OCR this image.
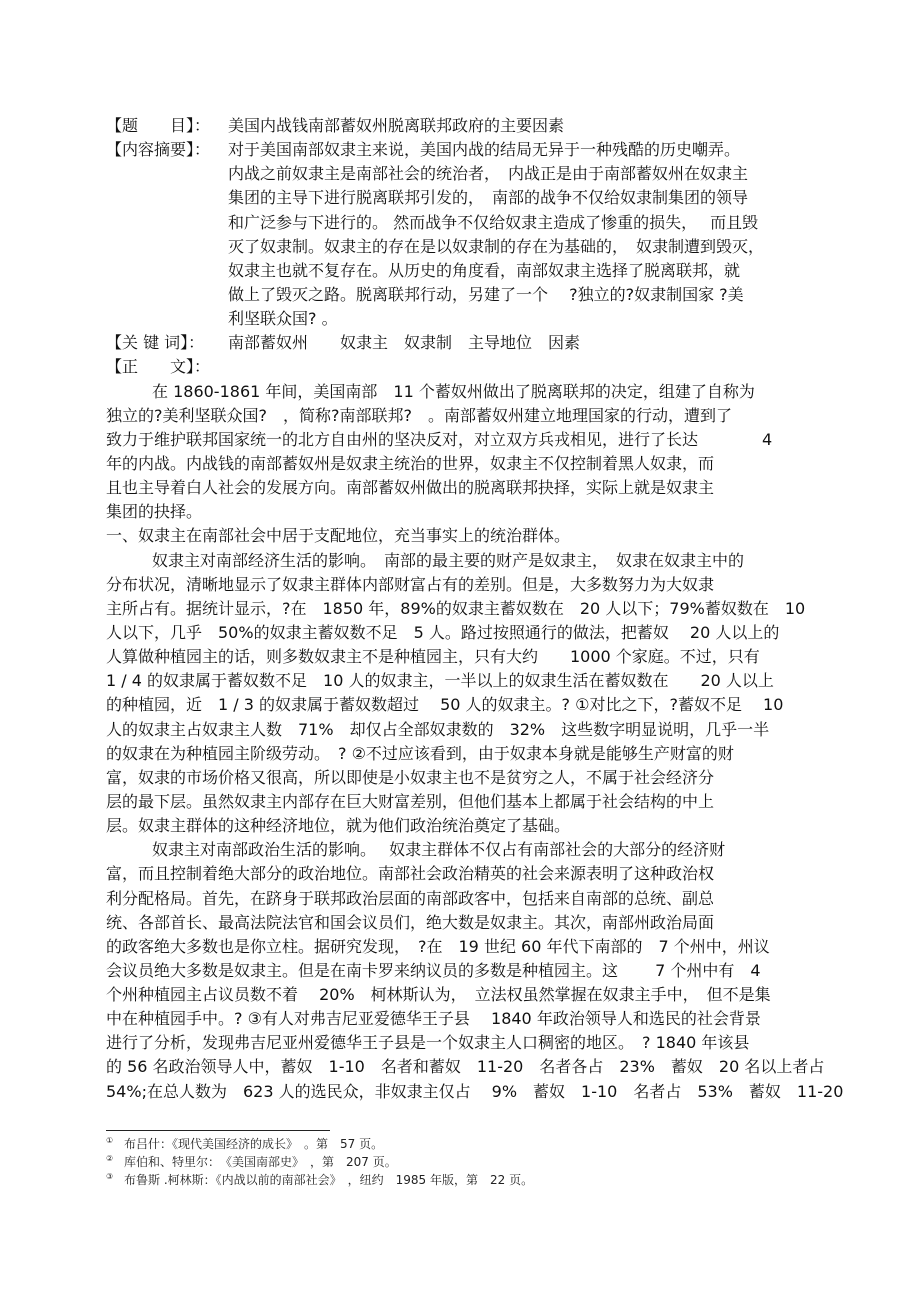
【题　　目】：	美国内战钱南部蓄奴州脱离联邦政府的主要因素
【内容摘要】：	对于美国南部奴隶主来说，美国内战的结局无异于一种残酷的历史嘲弄。
内战之前奴隶主是南部社会的统治者，　内战正是由于南部蓄奴州在奴隶主
集团的主导下进行脱离联邦引发的，　南部的战争不仅给奴隶制集团的领导
和广泛参与下进行的。 然而战争不仅给奴隶主造成了惨重的损失，　 而且毁
灭了奴隶制。奴隶主的存在是以奴隶制的存在为基础的，　奴隶制遭到毁灭，
奴隶主也就不复存在。从历史的角度看，南部奴隶主选择了脱离联邦，就
做上了毁灭之路。脱离联邦行动，另建了一个　 ?独立的?奴隶制国家 ?美
利坚联众国? 。
【关 键 词】：	南部蓄奴州　　奴隶主　奴隶制　主导地位　因素
【正　　文】：
在 1860-1861 年间，美国南部　11 个蓄奴州做出了脱离联邦的决定，组建了自称为
独立的?美利坚联众国?　，简称?南部联邦?　。南部蓄奴州建立地理国家的行动，遭到了
致力于维护联邦国家统一的北方自由州的坚决反对，对立双方兵戎相见，进行了长达　　　　4
年的内战。内战钱的南部蓄奴州是奴隶主统治的世界，奴隶主不仅控制着黑人奴隶，而
且也主导着白人社会的发展方向。南部蓄奴州做出的脱离联邦抉择，实际上就是奴隶主
集团的抉择。
一、奴隶主在南部社会中居于支配地位，充当事实上的统治群体。
奴隶主对南部经济生活的影响。　南部的最主要的财产是奴隶主，　奴隶在奴隶主中的
分布状况，清晰地显示了奴隶主群体内部财富占有的差别。但是，大多数努力为大奴隶
主所占有。据统计显示，?在　1850 年，89%的奴隶主蓄奴数在　20 人以下；79%蓄奴数在　10
人以下，几乎　50%的奴隶主蓄奴数不足　5 人。路过按照通行的做法，把蓄奴　 20 人以上的
人算做种植园主的话，则多数奴隶主不是种植园主，只有大约　　1000 个家庭。不过，只有
1 / 4 的奴隶属于蓄奴数不足　10 人的奴隶主，一半以上的奴隶生活在蓄奴数在　　20 人以上
的种植园，近　1 / 3 的奴隶属于蓄奴数超过　 50 人的奴隶主。? ①对比之下，?蓄奴不足　 10
人的奴隶主占奴隶主人数　71%　却仅占全部奴隶数的　32%　这些数字明显说明，几乎一半
的奴隶在为种植园主阶级劳动。　? ②不过应该看到，由于奴隶本身就是能够生产财富的财
富，奴隶的市场价格又很高，所以即使是小奴隶主也不是贫穷之人，不属于社会经济分
层的最下层。虽然奴隶主内部存在巨大财富差别，但他们基本上都属于社会结构的中上
层。奴隶主群体的这种经济地位，就为他们政治统治奠定了基础。
奴隶主对南部政治生活的影响。　 奴隶主群体不仅占有南部社会的大部分的经济财
富，而且控制着绝大部分的政治地位。南部社会政治精英的社会来源表明了这种政治权
利分配格局。首先，在跻身于联邦政治层面的南部政客中，包括来自南部的总统、副总
统、各部首长、最高法院法官和国会议员们，绝大数是奴隶主。其次，南部州政治局面
的政客绝大多数也是你立柱。据研究发现，　?在　19 世纪 60 年代下南部的　7 个州中，州议
会议员绝大多数是奴隶主。但是在南卡罗来纳议员的多数是种植园主。这　　 7 个州中有　4
个州种植园主占议员数不着　 20%　柯林斯认为，　立法权虽然掌握在奴隶主手中，　但不是集
中在种植园手中。? ③有人对弗吉尼亚爱德华王子县　 1840 年政治领导人和选民的社会背景
进行了分析，发现弗吉尼亚州爱德华王子县是一个奴隶主人口稠密的地区。　? 1840 年该县
的 56 名政治领导人中，蓄奴　1-10　名者和蓄奴　11-20　名者各占　23%　蓄奴　20 名以上者占
54%;在总人数为　623 人的选民众，非奴隶主仅占　 9%　蓄奴　1-10　名者占　53%　蓄奴　11-20
① 布吕什：《现代美国经济的成长》　。第　57 页。
② 库伯和、特里尔：　《美国南部史》　，第　207 页。
③ 布鲁斯 .柯林斯：《内战以前的南部社会》　，纽约　1985 年版，第　22 页。
